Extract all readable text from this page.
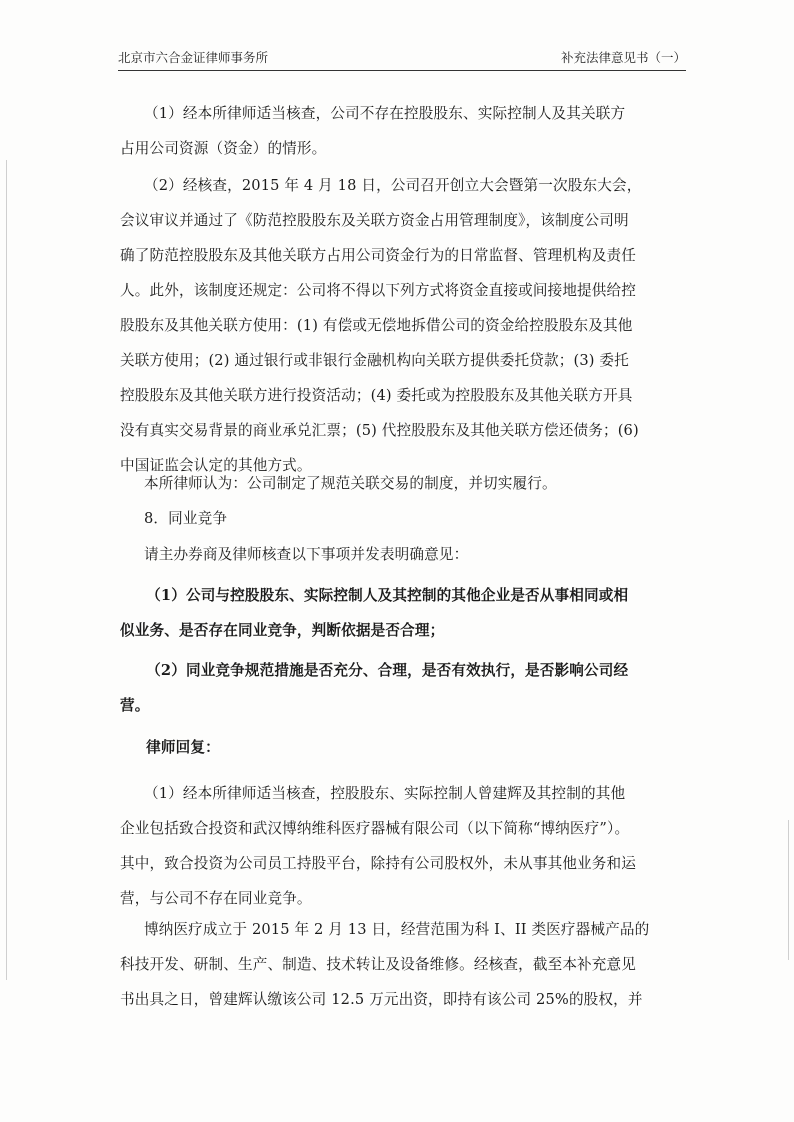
北京市六合金证律师事务所	补充法律意见书（一）

（1）经本所律师适当核查，公司不存在控股股东、实际控制人及其关联方
占用公司资源（资金）的情形。

（2）经核查，2015 年 4 月 18 日，公司召开创立大会暨第一次股东大会，
会议审议并通过了《防范控股股东及关联方资金占用管理制度》，该制度公司明
确了防范控股股东及其他关联方占用公司资金行为的日常监督、管理机构及责任
人。此外，该制度还规定：公司将不得以下列方式将资金直接或间接地提供给控
股股东及其他关联方使用：(1) 有偿或无偿地拆借公司的资金给控股股东及其他
关联方使用；(2) 通过银行或非银行金融机构向关联方提供委托贷款；(3) 委托
控股股东及其他关联方进行投资活动；(4) 委托或为控股股东及其他关联方开具
没有真实交易背景的商业承兑汇票；(5) 代控股股东及其他关联方偿还债务；(6)
中国证监会认定的其他方式。

本所律师认为：公司制定了规范关联交易的制度，并切实履行。

8．同业竞争

请主办券商及律师核查以下事项并发表明确意见：

（1）公司与控股股东、实际控制人及其控制的其他企业是否从事相同或相
似业务、是否存在同业竞争，判断依据是否合理；

（2）同业竞争规范措施是否充分、合理，是否有效执行，是否影响公司经
营。

律师回复：

（1）经本所律师适当核查，控股股东、实际控制人曾建辉及其控制的其他
企业包括致合投资和武汉博纳维科医疗器械有限公司（以下简称“博纳医疗”）。
其中，致合投资为公司员工持股平台，除持有公司股权外，未从事其他业务和运
营，与公司不存在同业竞争。

博纳医疗成立于 2015 年 2 月 13 日，经营范围为科 I、II 类医疗器械产品的
科技开发、研制、生产、制造、技术转让及设备维修。经核查，截至本补充意见
书出具之日，曾建辉认缴该公司 12.5 万元出资，即持有该公司 25%的股权，并
